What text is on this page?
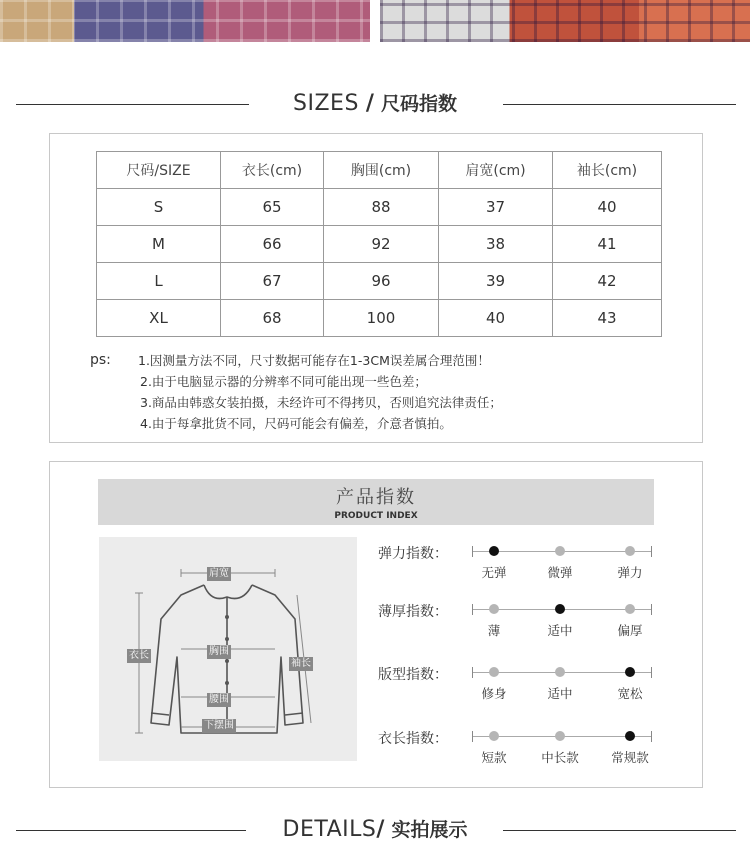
SIZES / 尺码指数
尺码/SIZE	衣长(cm)	胸围(cm)	肩宽(cm)	袖长(cm)
S	65	88	37	40
M	66	92	38	41
L	67	96	39	42
XL	68	100	40	43
ps: 1.因测量方法不同，尺寸数据可能存在1-3CM误差属合理范围！
2.由于电脑显示器的分辨率不同可能出现一些色差；
3.商品由韩惑女装拍摄，未经许可不得拷贝，否则追究法律责任；
4.由于每拿批货不同，尺码可能会有偏差，介意者慎拍。
产品指数
PRODUCT INDEX
肩宽
衣长	胸围
袖长
腰围
下摆围
弹力指数：
无弹	微弹	弹力
薄厚指数：
薄	适中	偏厚
版型指数：
修身	适中	宽松
衣长指数：
短款	中长款	常规款
DETAILS/ 实拍展示
